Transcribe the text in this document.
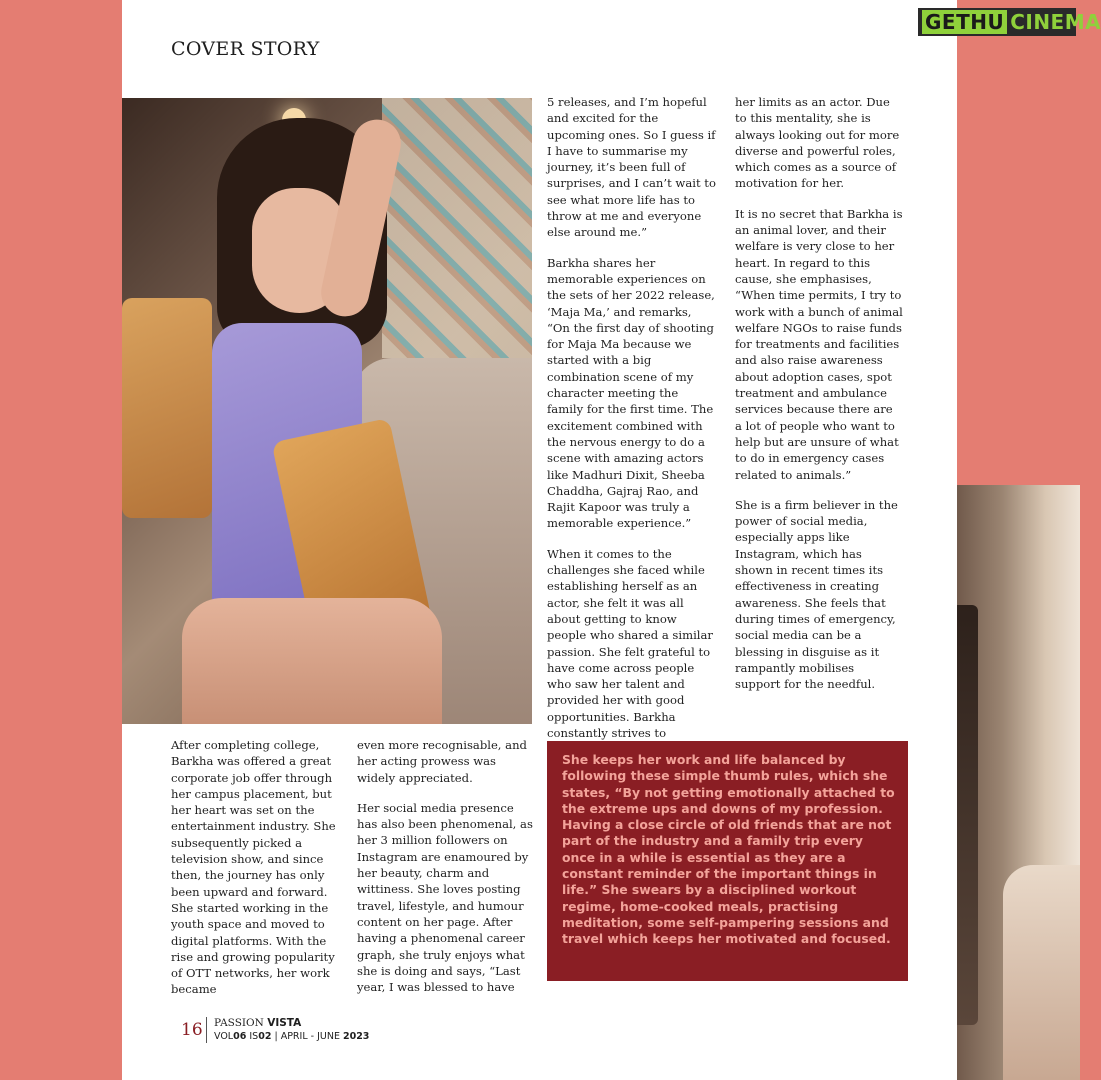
GETHU CINEMA
COVER STORY

5 releases, and I’m hopeful and excited for the upcoming ones. So I guess if I have to summarise my journey, it’s been full of surprises, and I can’t wait to see what more life has to throw at me and everyone else around me.”

Barkha shares her memorable experiences on the sets of her 2022 release, ‘Maja Ma,’ and remarks, “On the first day of shooting for Maja Ma because we started with a big combination scene of my character meeting the family for the first time. The excitement combined with the nervous energy to do a scene with amazing actors like Madhuri Dixit, Sheeba Chaddha, Gajraj Rao, and Rajit Kapoor was truly a memorable experience.”

When it comes to the challenges she faced while establishing herself as an actor, she felt it was all about getting to know people who shared a similar passion. She felt grateful to have come across people who saw her talent and provided her with good opportunities. Barkha constantly strives to

her limits as an actor. Due to this mentality, she is always looking out for more diverse and powerful roles, which comes as a source of motivation for her.

It is no secret that Barkha is an animal lover, and their welfare is very close to her heart. In regard to this cause, she emphasises, “When time permits, I try to work with a bunch of animal welfare NGOs to raise funds for treatments and facilities and also raise awareness about adoption cases, spot treatment and ambulance services because there are a lot of people who want to help but are unsure of what to do in emergency cases related to animals.”

She is a firm believer in the power of social media, especially apps like Instagram, which has shown in recent times its effectiveness in creating awareness. She feels that during times of emergency, social media can be a blessing in disguise as it rampantly mobilises support for the needful.

After completing college, Barkha was offered a great corporate job offer through her campus placement, but her heart was set on the entertainment industry. She subsequently picked a television show, and since then, the journey has only been upward and forward. She started working in the youth space and moved to digital platforms. With the rise and growing popularity of OTT networks, her work became

even more recognisable, and her acting prowess was widely appreciated.

Her social media presence has also been phenomenal, as her 3 million followers on Instagram are enamoured by her beauty, charm and wittiness. She loves posting travel, lifestyle, and humour content on her page. After having a phenomenal career graph, she truly enjoys what she is doing and says, “Last year, I was blessed to have

She keeps her work and life balanced by following these simple thumb rules, which she states, “By not getting emotionally attached to the extreme ups and downs of my profession. Having a close circle of old friends that are not part of the industry and a family trip every once in a while is essential as they are a constant reminder of the important things in life.” She swears by a disciplined workout regime, home-cooked meals, practising meditation, some self-pampering sessions and travel which keeps her motivated and focused.
16	PASSION VISTA
VOL06 IS02 | APRIL - JUNE 2023
